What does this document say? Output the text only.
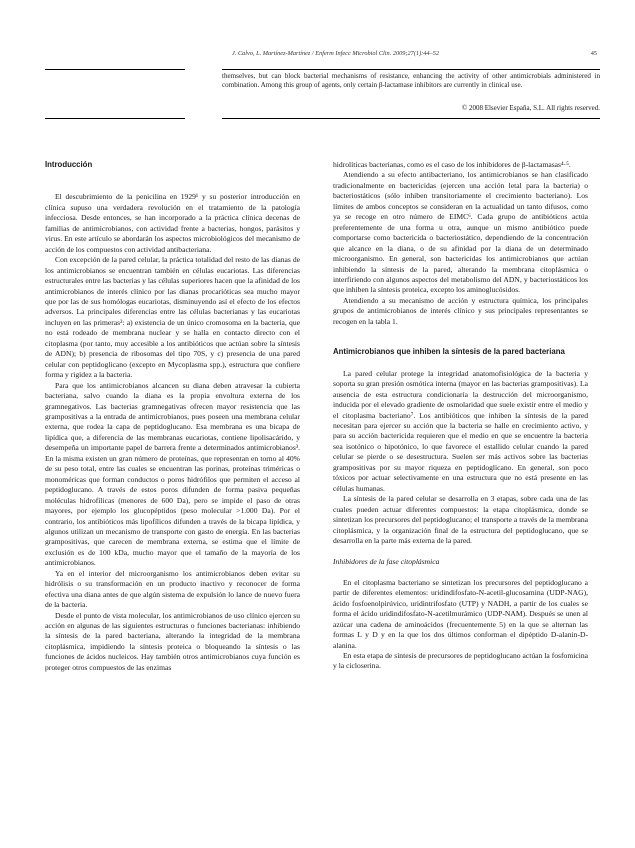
J. Calvo, L. Martínez-Martínez / Enferm Infecc Microbiol Clin. 2009;27(1):44–52	45
themselves, but can block bacterial mechanisms of resistance, enhancing the activity of other antimicrobials administered in combination. Among this group of agents, only certain β-lactamase inhibitors are currently in clinical use.
© 2008 Elsevier España, S.L. All rights reserved.
Introducción

El descubrimiento de la penicilina en 1929¹ y su posterior introducción en clínica supuso una verdadera revolución en el tratamiento de la patología infecciosa. Desde entonces, se han incorporado a la práctica clínica decenas de familias de antimicrobianos, con actividad frente a bacterias, hongos, parásitos y virus. En este artículo se abordarán los aspectos microbiológicos del mecanismo de acción de los compuestos con actividad antibacteriana.

Con excepción de la pared celular, la práctica totalidad del resto de las dianas de los antimicrobianos se encuentran también en células eucariotas. Las diferencias estructurales entre las bacterias y las células superiores hacen que la afinidad de los antimicrobianos de interés clínico por las dianas procarióticas sea mucho mayor que por las de sus homólogas eucariotas, disminuyendo así el efecto de los efectos adversos. La principales diferencias entre las células bacterianas y las eucariotas incluyen en las primeras²: a) existencia de un único cromosoma en la bacteria, que no está rodeado de membrana nuclear y se halla en contacto directo con el citoplasma (por tanto, muy accesible a los antibióticos que actúan sobre la síntesis de ADN); b) presencia de ribosomas del tipo 70S, y c) presencia de una pared celular con peptidoglicano (excepto en Mycoplasma spp.), estructura que confiere forma y rigidez a la bacteria.

Para que los antimicrobianos alcancen su diana deben atravesar la cubierta bacteriana, salvo cuando la diana es la propia envoltura externa de los gramnegativos. Las bacterias gramnegativas ofrecen mayor resistencia que las grampositivas a la entrada de antimicrobianos, pues poseen una membrana celular externa, que rodea la capa de peptidoglucano. Esa membrana es una bicapa de lipídica que, a diferencia de las membranas eucariotas, contiene lipolisacárido, y desempeña un importante papel de barrera frente a determinados antimicrobianos³. En la misma existen un gran número de proteínas, que representan en torno al 40% de su peso total, entre las cuales se encuentran las porinas, proteínas triméricas o monoméricas que forman conductos o poros hidrófilos que permiten el acceso al peptidoglucano. A través de estos poros difunden de forma pasiva pequeñas moléculas hidrofílicas (menores de 600 Da), pero se impide el paso de otras mayores, por ejemplo los glucopéptidos (peso molecular >1.000 Da). Por el contrario, los antibióticos más lipofílicos difunden a través de la bicapa lipídica, y algunos utilizan un mecanismo de transporte con gasto de energía. En las bacterias grampositivas, que carecen de membrana externa, se estima que el límite de exclusión es de 100 kDa, mucho mayor que el tamaño de la mayoría de los antimicrobianos.

Ya en el interior del microorganismo los antimicrobianos deben evitar su hidrólisis o su transformación en un producto inactivo y reconocer de forma efectiva una diana antes de que algún sistema de expulsión lo lance de nuevo fuera de la bacteria.

Desde el punto de vista molecular, los antimicrobianos de uso clínico ejercen su acción en algunas de las siguientes estructuras o funciones bacterianas: inhibiendo la síntesis de la pared bacteriana, alterando la integridad de la membrana citoplásmica, impidiendo la síntesis proteica o bloqueando la síntesis o las funciones de ácidos nucleicos. Hay también otros antimicrobianos cuya función es proteger otros compuestos de las enzimas

hidrolíticas bacterianas, como es el caso de los inhibidores de β-lactamasas⁴·⁵.

Atendiendo a su efecto antibacteriano, los antimicrobianos se han clasificado tradicionalmente en bactericidas (ejercen una acción letal para la bacteria) o bacteriostáticos (sólo inhiben transitoriamente el crecimiento bacteriano). Los límites de ambos conceptos se consideran en la actualidad un tanto difusos, como ya se recoge en otro número de EIMC⁶. Cada grupo de antibióticos actúa preferentemente de una forma u otra, aunque un mismo antibiótico puede comportarse como bactericida o bacteriostático, dependiendo de la concentración que alcance en la diana, o de su afinidad por la diana de un determinado microorganismo. En general, son bactericidas los antimicrobianos que actúan inhibiendo la síntesis de la pared, alterando la membrana citoplásmica o interfiriendo con algunos aspectos del metabolismo del ADN, y bacteriostáticos los que inhiben la síntesis proteica, excepto los aminoglucósidos.

Atendiendo a su mecanismo de acción y estructura química, los principales grupos de antimicrobianos de interés clínico y sus principales representantes se recogen en la tabla 1.

Antimicrobianos que inhiben la síntesis de la pared bacteriana

La pared celular protege la integridad anatomofisiológica de la bacteria y soporta su gran presión osmótica interna (mayor en las bacterias grampositivas). La ausencia de esta estructura condicionaría la destrucción del microorganismo, inducida por el elevado gradiente de osmolaridad que suele existir entre el medio y el citoplasma bacteriano⁷. Los antibióticos que inhiben la síntesis de la pared necesitan para ejercer su acción que la bacteria se halle en crecimiento activo, y para su acción bactericida requieren que el medio en que se encuentre la bacteria sea isotónico o hipotónico, lo que favorece el estallido celular cuando la pared celular se pierde o se desestructura. Suelen ser más activos sobre las bacterias grampositivas por su mayor riqueza en peptidoglicano. En general, son poco tóxicos por actuar selectivamente en una estructura que no está presente en las células humanas.

La síntesis de la pared celular se desarrolla en 3 etapas, sobre cada una de las cuales pueden actuar diferentes compuestos: la etapa citoplásmica, donde se sintetizan los precursores del peptidoglucano; el transporte a través de la membrana citoplásmica, y la organización final de la estructura del peptidoglucano, que se desarrolla en la parte más externa de la pared.

Inhibidores de la fase citoplásmica

En el citoplasma bacteriano se sintetizan los precursores del peptidoglucano a partir de diferentes elementos: uridindifosfato-N-acetil-glucosamina (UDP-NAG), ácido fosfoenolpirúvico, uridintrifosfato (UTP) y NADH, a partir de los cuales se forma el ácido uridindifosfato-N-acetilmurámico (UDP-NAM). Después se unen al azúcar una cadena de aminoácidos (frecuentemente 5) en la que se alternan las formas L y D y en la que los dos últimos conforman el dipéptido D-alanin-D-alanina.

En esta etapa de síntesis de precursores de peptidoglucano actúan la fosfomicina y la cicloserina.
